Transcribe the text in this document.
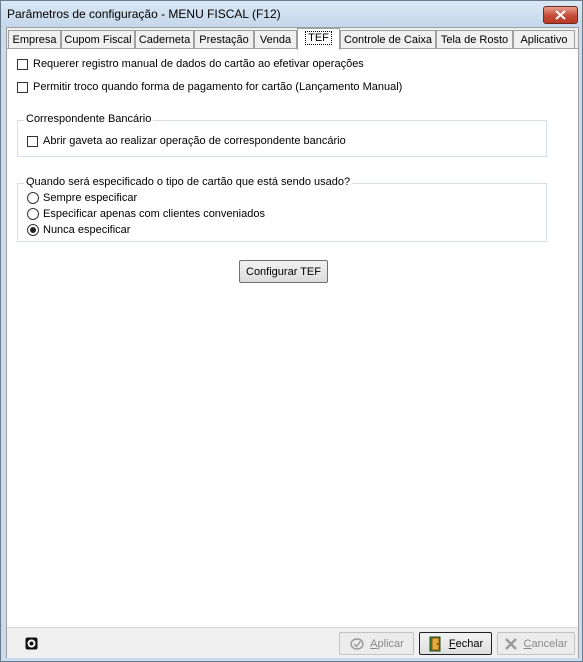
Parâmetros de configuração - MENU FISCAL (F12)
Empresa Cupom Fiscal Caderneta Prestação	Venda	TEF	Controle de Caixa Tela de Rosto	Aplicativo
Requerer registro manual de dados do cartão ao efetivar operações
Permitir troco quando forma de pagamento for cartão (Lançamento Manual)
Correspondente Bancário
Abrir gaveta ao realizar operação de correspondente bancário
Quando será especificado o tipo de cartão que está sendo usado?
Sempre especificar
Especificar apenas com clientes conveniados
Nunca especificar
Configurar TEF
Aplicar	Fechar	Cancelar
